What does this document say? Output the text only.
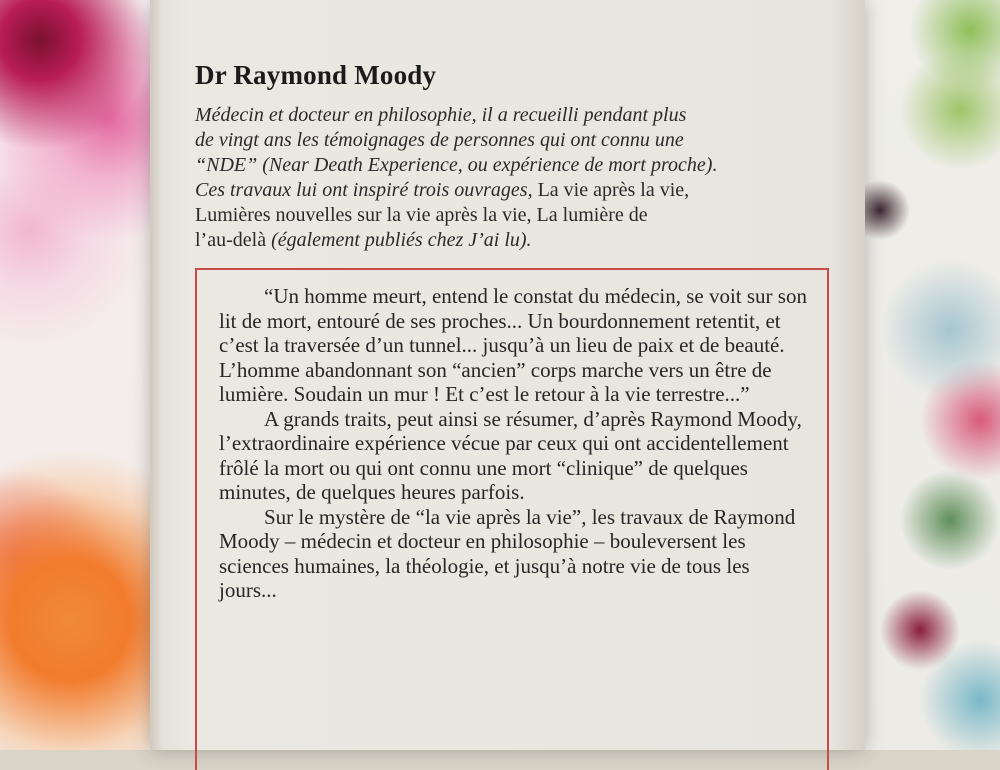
Dr Raymond Moody

Médecin et docteur en philosophie, il a recueilli pendant plus

de vingt ans les témoignages de personnes qui ont connu une

“NDE” (Near Death Experience, ou expérience de mort proche).

Ces travaux lui ont inspiré trois ouvrages, La vie après la vie,

Lumières nouvelles sur la vie après la vie, La lumière de

l’au-delà (également publiés chez J’ai lu).

“Un homme meurt, entend le constat du médecin, se voit sur son lit de mort, entouré de ses proches... Un bourdonnement retentit, et c’est la traversée d’un tunnel... jusqu’à un lieu de paix et de beauté. L’homme abandonnant son “ancien” corps marche vers un être de lumière. Soudain un mur ! Et c’est le retour à la vie terrestre...”

A grands traits, peut ainsi se résumer, d’après Raymond Moody, l’extraordinaire expérience vécue par ceux qui ont accidentellement frôlé la mort ou qui ont connu une mort “clinique” de quelques minutes, de quelques heures parfois.

Sur le mystère de “la vie après la vie”, les travaux de Raymond Moody – médecin et docteur en philosophie – bouleversent les sciences humaines, la théologie, et jusqu’à notre vie de tous les jours...
